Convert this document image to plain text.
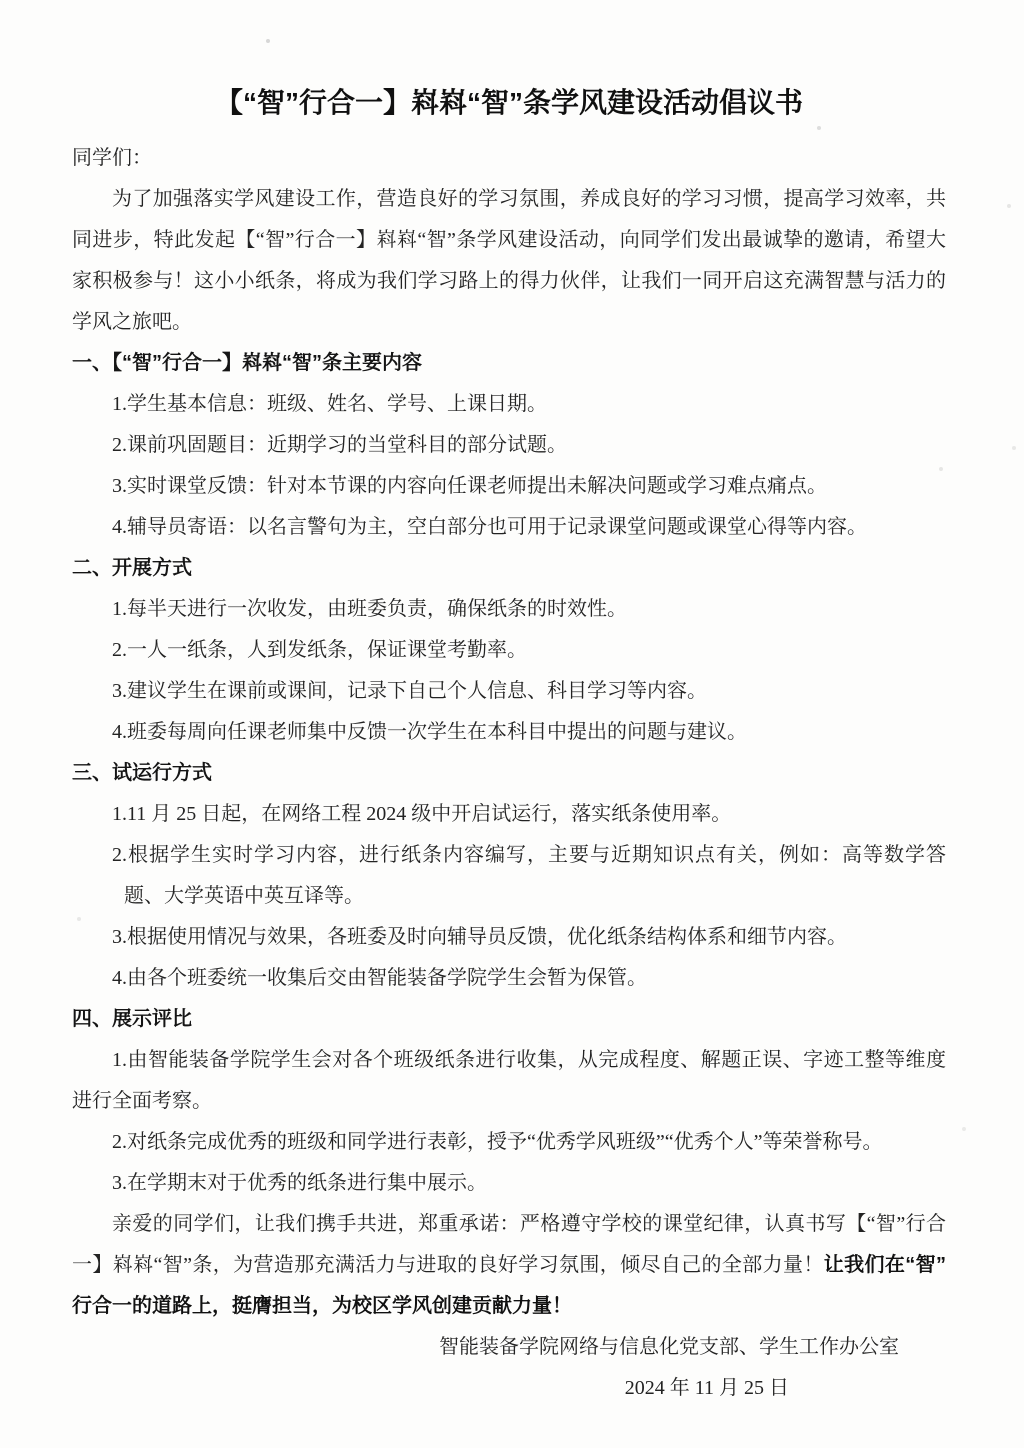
【“智”行合一】嵙嵙“智”条学风建设活动倡议书

同学们：

为了加强落实学风建设工作，营造良好的学习氛围，养成良好的学习习惯，提高学习效率，共同进步，特此发起【“智”行合一】嵙嵙“智”条学风建设活动，向同学们发出最诚挚的邀请，希望大家积极参与！这小小纸条，将成为我们学习路上的得力伙伴，让我们一同开启这充满智慧与活力的学风之旅吧。

一、【“智”行合一】嵙嵙“智”条主要内容

1.学生基本信息：班级、姓名、学号、上课日期。

2.课前巩固题目：近期学习的当堂科目的部分试题。

3.实时课堂反馈：针对本节课的内容向任课老师提出未解决问题或学习难点痛点。

4.辅导员寄语：以名言警句为主，空白部分也可用于记录课堂问题或课堂心得等内容。

二、开展方式

1.每半天进行一次收发，由班委负责，确保纸条的时效性。

2.一人一纸条，人到发纸条，保证课堂考勤率。

3.建议学生在课前或课间，记录下自己个人信息、科目学习等内容。

4.班委每周向任课老师集中反馈一次学生在本科目中提出的问题与建议。

三、试运行方式

1.11 月 25 日起，在网络工程 2024 级中开启试运行，落实纸条使用率。

2.根据学生实时学习内容，进行纸条内容编写，主要与近期知识点有关，例如：高等数学答题、大学英语中英互译等。

3.根据使用情况与效果，各班委及时向辅导员反馈，优化纸条结构体系和细节内容。

4.由各个班委统一收集后交由智能装备学院学生会暂为保管。

四、展示评比

1.由智能装备学院学生会对各个班级纸条进行收集，从完成程度、解题正误、字迹工整等维度进行全面考察。

2.对纸条完成优秀的班级和同学进行表彰，授予“优秀学风班级”“优秀个人”等荣誉称号。

3.在学期末对于优秀的纸条进行集中展示。

亲爱的同学们，让我们携手共进，郑重承诺：严格遵守学校的课堂纪律，认真书写【“智”行合一】嵙嵙“智”条，为营造那充满活力与进取的良好学习氛围，倾尽自己的全部力量！让我们在“智”行合一的道路上，挺膺担当，为校区学风创建贡献力量！

智能装备学院网络与信息化党支部、学生工作办公室

2024 年 11 月 25 日
